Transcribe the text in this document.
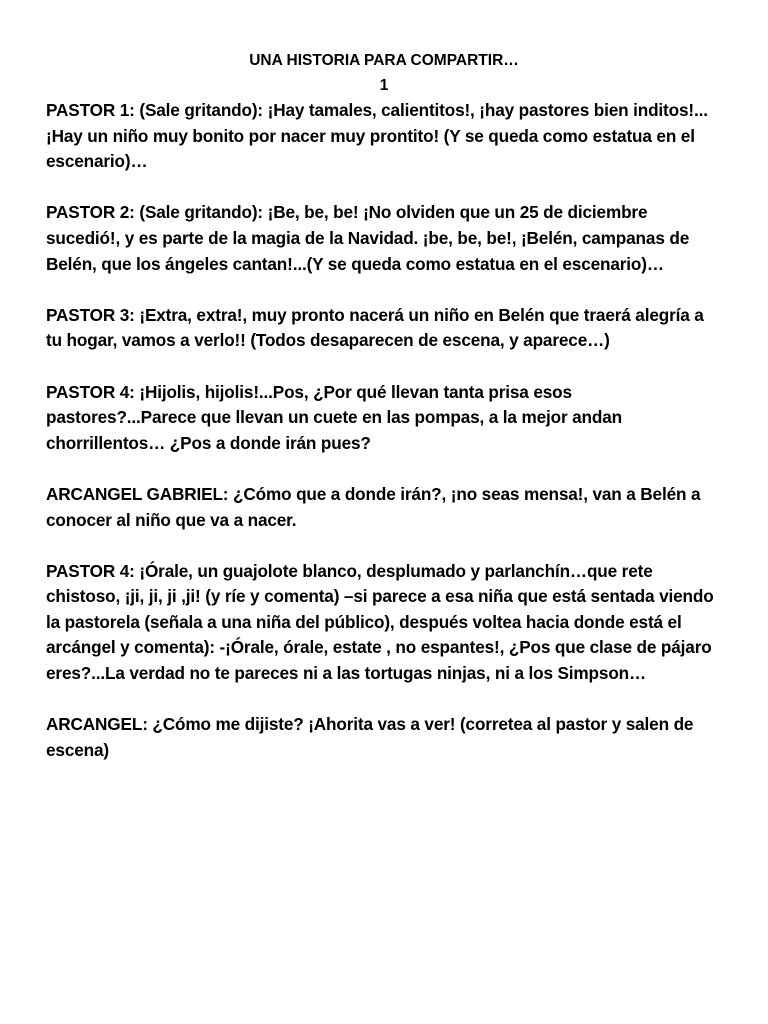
UNA HISTORIA PARA COMPARTIR…

1

PASTOR 1: (Sale gritando): ¡Hay tamales, calientitos!, ¡hay pastores bien inditos!... ¡Hay un niño muy bonito por nacer muy prontito! (Y se queda como estatua en el escenario)…

PASTOR 2: (Sale gritando): ¡Be, be, be! ¡No olviden que un 25 de diciembre sucedió!, y es parte de la magia de la Navidad. ¡be, be, be!, ¡Belén, campanas de Belén, que los ángeles cantan!...(Y se queda como estatua en el escenario)…

PASTOR 3: ¡Extra, extra!, muy pronto nacerá un niño en Belén que traerá alegría a tu hogar, vamos a verlo!! (Todos desaparecen de escena, y aparece…)

PASTOR 4: ¡Hijolis, hijolis!...Pos, ¿Por qué llevan tanta prisa esos pastores?...Parece que llevan un cuete en las pompas, a la mejor andan chorrillentos… ¿Pos a donde irán pues?

ARCANGEL GABRIEL: ¿Cómo que a donde irán?, ¡no seas mensa!, van a Belén a conocer al niño que va a nacer.

PASTOR 4: ¡Órale, un guajolote blanco, desplumado y parlanchín…que rete chistoso, ¡ji, ji, ji ,ji! (y ríe y comenta) –si parece a esa niña que está sentada viendo la pastorela (señala a una niña del público), después voltea hacia donde está el arcángel y comenta): -¡Órale, órale, estate , no espantes!, ¿Pos que clase de pájaro eres?...La verdad no te pareces ni a las tortugas ninjas, ni a los Simpson…

ARCANGEL: ¿Cómo me dijiste? ¡Ahorita vas a ver! (corretea al pastor y salen de escena)
